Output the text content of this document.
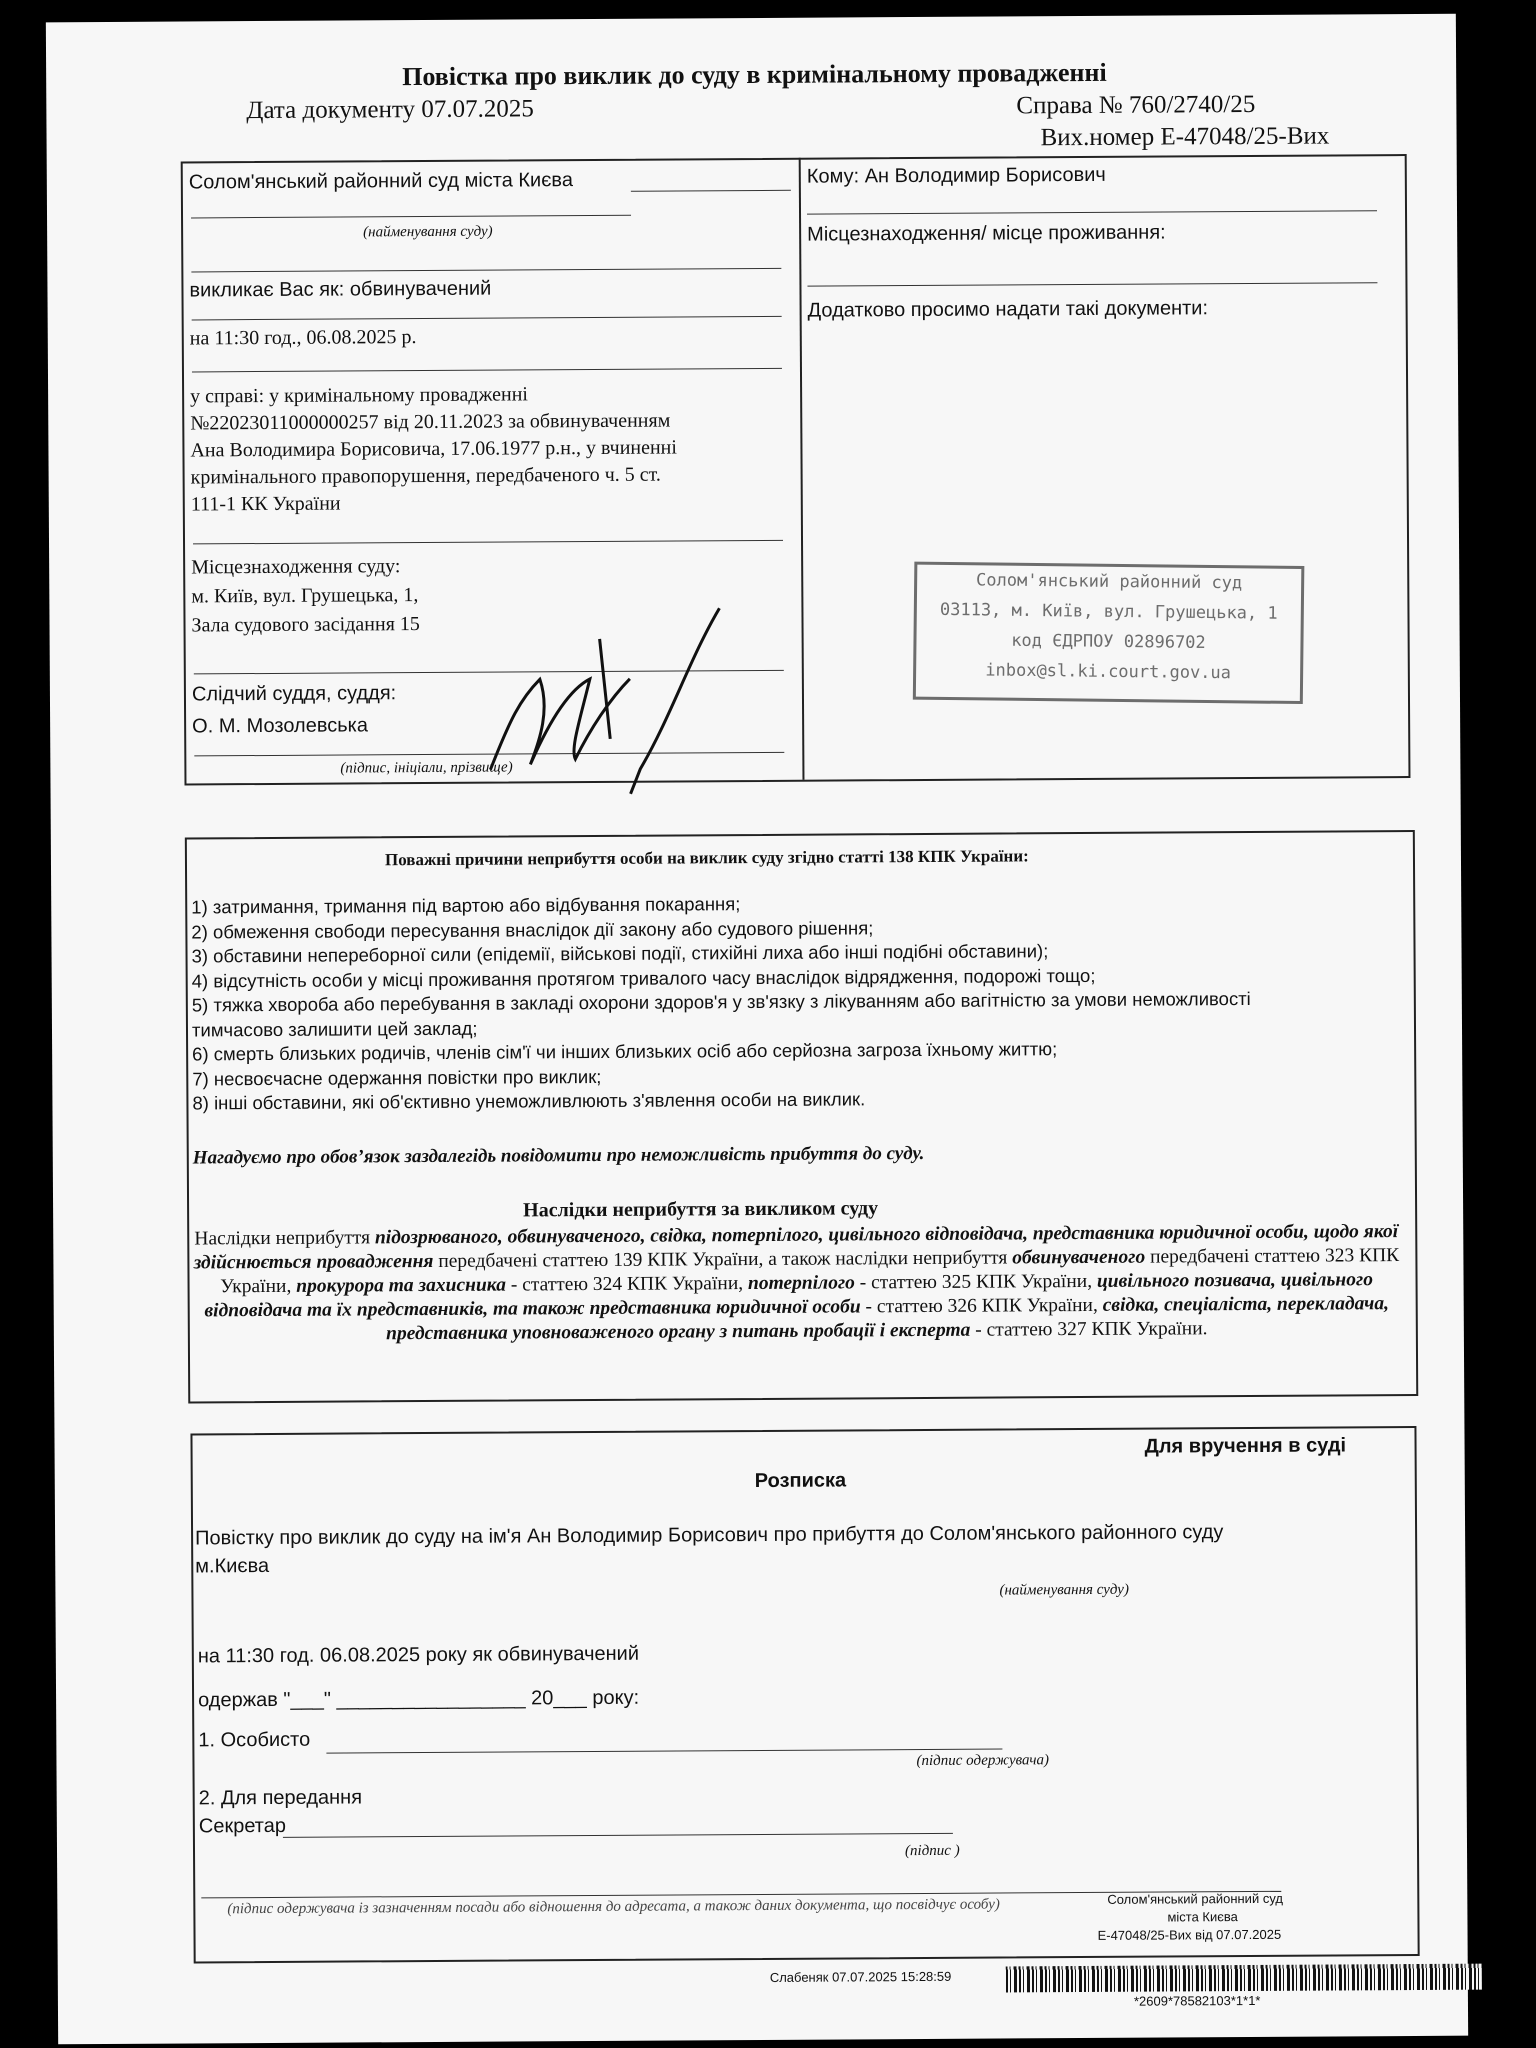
Повістка про виклик до суду в кримінальному провадженні
Дата документу 07.07.2025	Справа № 760/2740/25
Вих.номер Е-47048/25-Вих
Солом'янський районний суд міста Києва
(найменування суду)
викликає Вас як: обвинувачений
на 11:30 год., 06.08.2025 р.
у справі: у кримінальному провадженні
№22023011000000257 від 20.11.2023 за обвинуваченням
Ана Володимира Борисовича, 17.06.1977 р.н., у вчиненні
кримінального правопорушення, передбаченого ч. 5 ст.
111-1 КК України
Місцезнаходження суду:
м. Київ, вул. Грушецька, 1,
Зала судового засідання 15
Слідчий суддя, суддя:
О. М. Мозолевська
(підпис, ініціали, прізвище)
Кому: Ан Володимир Борисович
Місцезнаходження/ місце проживання:
Додатково просимо надати такі документи:
Солом'янський районний суд
03113, м. Київ, вул. Грушецька, 1
код ЄДРПОУ 02896702
inbox@sl.ki.court.gov.ua
Поважні причини неприбуття особи на виклик суду згідно статті 138 КПК України:
1) затримання, тримання під вартою або відбування покарання;
2) обмеження свободи пересування внаслідок дії закону або судового рішення;
3) обставини непереборної сили (епідемії, військові події, стихійні лиха або інші подібні обставини);
4) відсутність особи у місці проживання протягом тривалого часу внаслідок відрядження, подорожі тощо;
5) тяжка хвороба або перебування в закладі охорони здоров'я у зв'язку з лікуванням або вагітністю за умови неможливості
тимчасово залишити цей заклад;
6) смерть близьких родичів, членів сім'ї чи інших близьких осіб або серйозна загроза їхньому життю;
7) несвоєчасне одержання повістки про виклик;
8) інші обставини, які об'єктивно унеможливлюють з'явлення особи на виклик.
Нагадуємо про обов’язок заздалегідь повідомити про неможливість прибуття до суду.
Наслідки неприбуття за викликом суду
Наслідки неприбуття підозрюваного, обвинуваченого, свідка, потерпілого, цивільного відповідача, представника юридичної особи, щодо якої здійснюється провадження передбачені статтею 139 КПК України, а також наслідки неприбуття обвинуваченого передбачені статтею 323 КПК України, прокурора та захисника - статтею 324 КПК України, потерпілого - статтею 325 КПК України, цивільного позивача, цивільного відповідача та їх представників, та також представника юридичної особи - статтею 326 КПК України, свідка, спеціаліста, перекладача, представника уповноваженого органу з питань пробації і експерта - статтею 327 КПК України.
Для вручення в суді
Розписка
Повістку про виклик до суду на ім'я Ан Володимир Борисович про прибуття до Солом'янського районного суду
м.Києва
(найменування суду)
на 11:30 год. 06.08.2025 року як обвинувачений
одержав "___" _________________ 20___ року:
1. Особисто
(підпис одержувача)
2. Для передання
Секретар
(підпис )
(підпис одержувача із зазначенням посади або відношення до адресата, а також даних документа, що посвідчує особу)	Солом'янський районний суд
міста Києва
Е-47048/25-Вих від 07.07.2025
Слабеняк 07.07.2025 15:28:59
*2609*78582103*1*1*
